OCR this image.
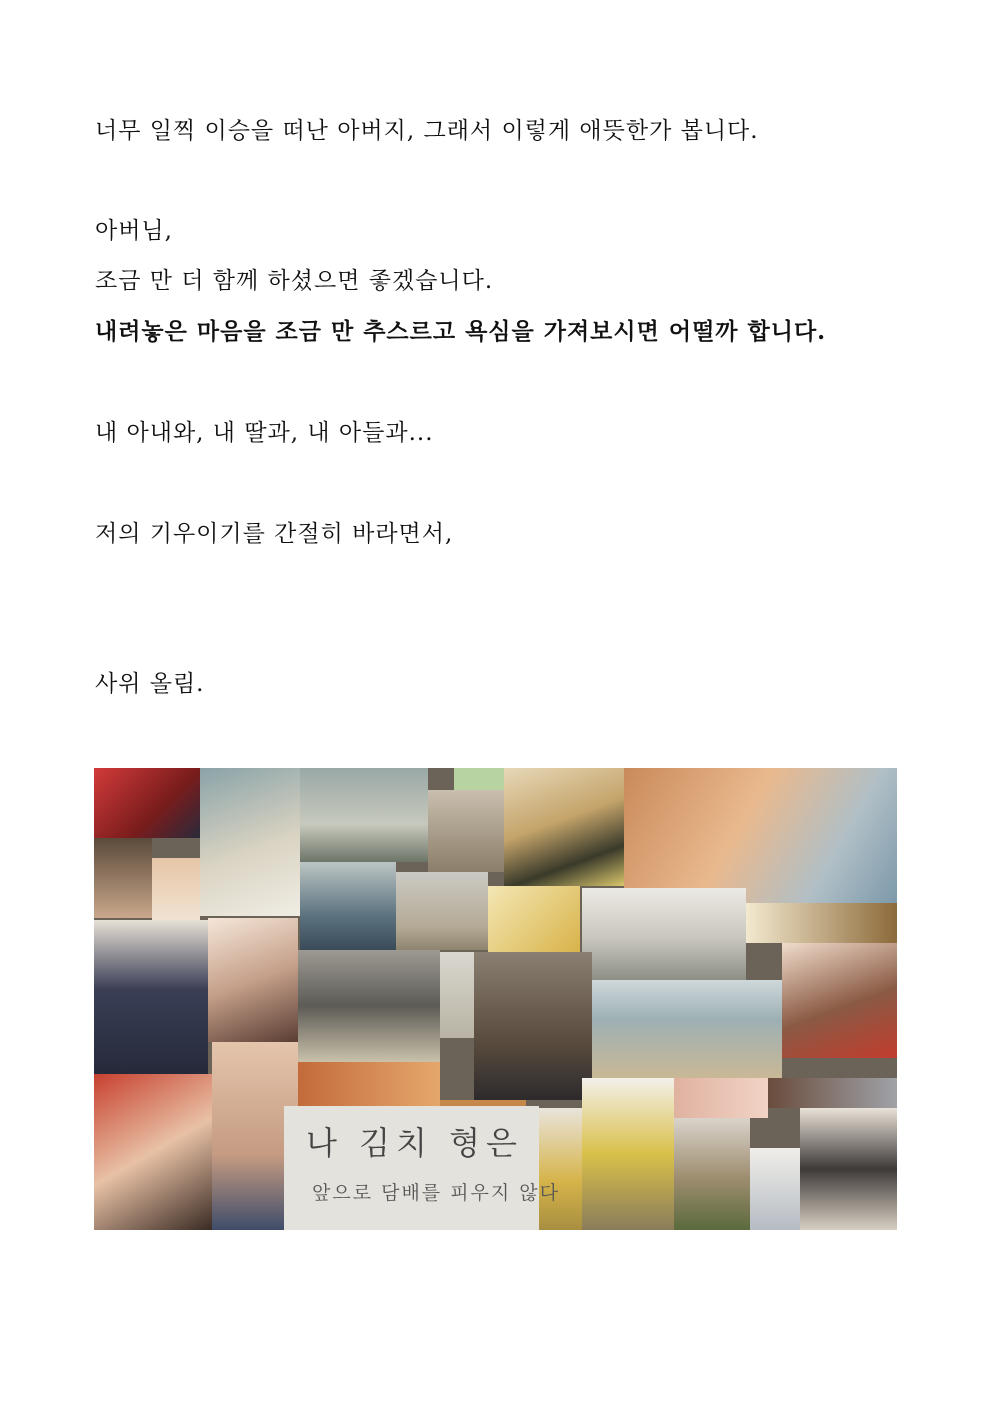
너무 일찍 이승을 떠난 아버지, 그래서 이렇게 애뜻한가 봅니다.
아버님,
조금 만 더 함께 하셨으면 좋겠습니다.
내려놓은 마음을 조금 만 추스르고 욕심을 가져보시면 어떨까 합니다.
내 아내와, 내 딸과, 내 아들과...
저의 기우이기를 간절히 바라면서,
사위 올림.
나 김치 형은
앞으로 담배를 피우지 않다
